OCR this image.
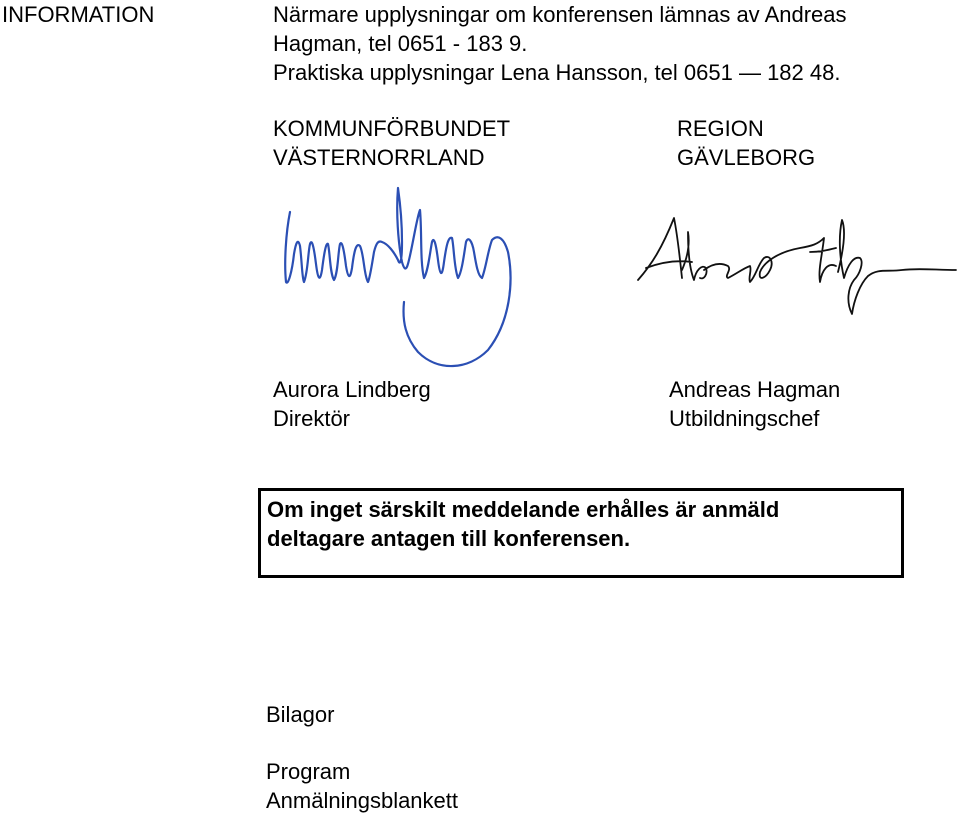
INFORMATION	Närmare upplysningar om konferensen lämnas av Andreas
Hagman, tel 0651 - 183 9.
Praktiska upplysningar Lena Hansson, tel 0651 — 182 48.
KOMMUNFÖRBUNDET
VÄSTERNORRLAND
Aurora Lindberg
Direktör
REGION
GÄVLEBORG
Andreas Hagman
Utbildningschef
Om inget särskilt meddelande erhålles är anmäld
deltagare antagen till konferensen.
Bilagor
Program
Anmälningsblankett
